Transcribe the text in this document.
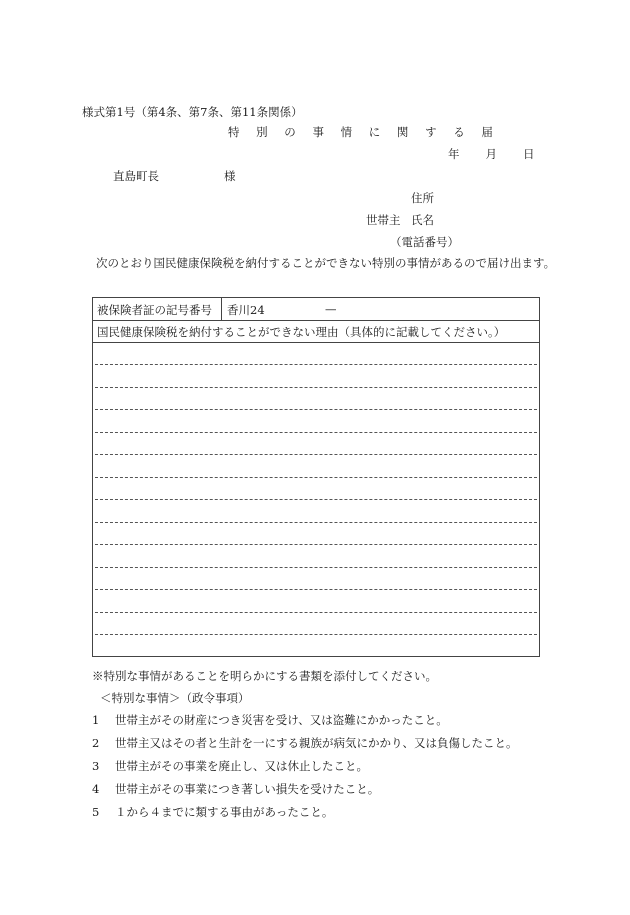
様式第1号（第4条、第7条、第11条関係）
特 別 の 事 情 に 関 す る 届
年 月 日
直島町長	様
住所
世帯主 氏名
（電話番号）
次のとおり国民健康保険税を納付することができない特別の事情があるので届け出ます。
被保険者証の記号番号 香川24	—
国民健康保険税を納付することができない理由（具体的に記載してください。）
※特別な事情があることを明らかにする書類を添付してください。
＜特別な事情＞（政令事項）
1 世帯主がその財産につき災害を受け、又は盗難にかかったこと。
2 世帯主又はその者と生計を一にする親族が病気にかかり、又は負傷したこと。
3 世帯主がその事業を廃止し、又は休止したこと。
4 世帯主がその事業につき著しい損失を受けたこと。
5 １から４までに類する事由があったこと。
